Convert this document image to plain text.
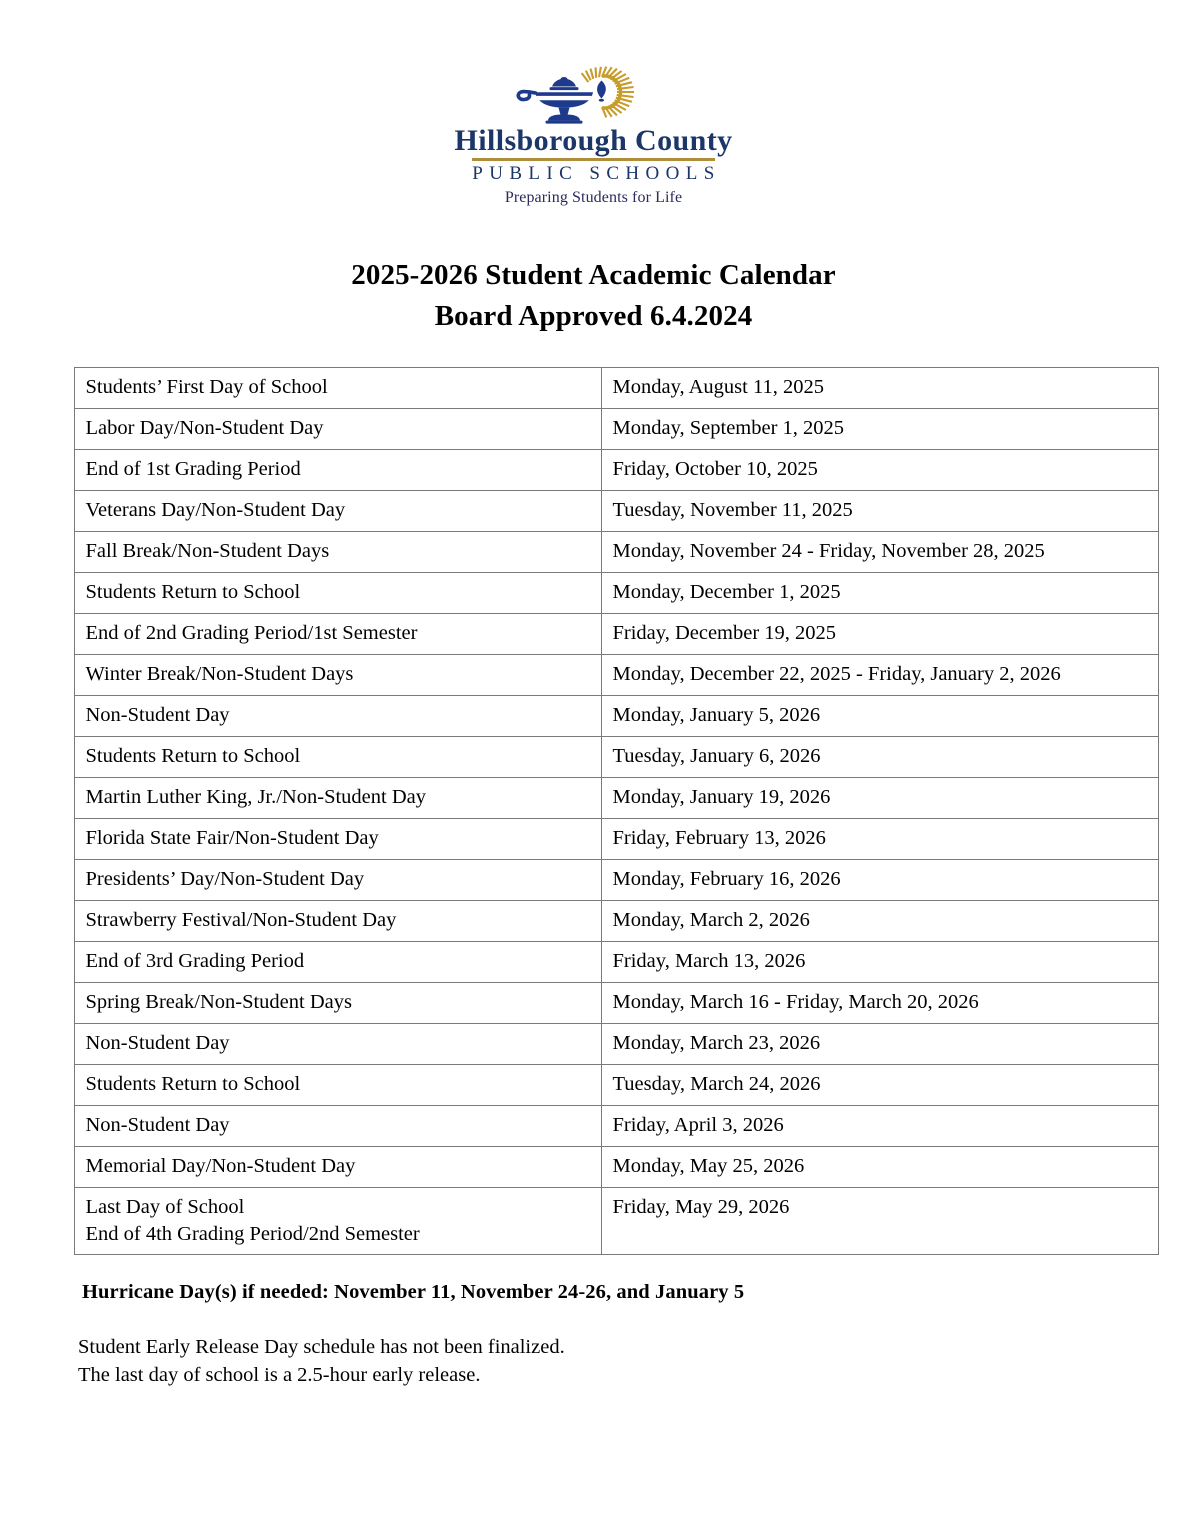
Hillsborough County
PUBLIC SCHOOLS
Preparing Students for Life
2025-2026 Student Academic Calendar
Board Approved 6.4.2024
Students’ First Day of School	Monday, August 11, 2025
Labor Day/Non-Student Day	Monday, September 1, 2025
End of 1st Grading Period	Friday, October 10, 2025
Veterans Day/Non-Student Day	Tuesday, November 11, 2025
Fall Break/Non-Student Days	Monday, November 24 - Friday, November 28, 2025
Students Return to School	Monday, December 1, 2025
End of 2nd Grading Period/1st Semester	Friday, December 19, 2025
Winter Break/Non-Student Days	Monday, December 22, 2025 - Friday, January 2, 2026
Non-Student Day	Monday, January 5, 2026
Students Return to School	Tuesday, January 6, 2026
Martin Luther King, Jr./Non-Student Day	Monday, January 19, 2026
Florida State Fair/Non-Student Day	Friday, February 13, 2026
Presidents’ Day/Non-Student Day	Monday, February 16, 2026
Strawberry Festival/Non-Student Day	Monday, March 2, 2026
End of 3rd Grading Period	Friday, March 13, 2026
Spring Break/Non-Student Days	Monday, March 16 - Friday, March 20, 2026
Non-Student Day	Monday, March 23, 2026
Students Return to School	Tuesday, March 24, 2026
Non-Student Day	Friday, April 3, 2026
Memorial Day/Non-Student Day	Monday, May 25, 2026
Last Day of School
End of 4th Grading Period/2nd Semester	Friday, May 29, 2026

Hurricane Day(s) if needed: November 11, November 24-26, and January 5

Student Early Release Day schedule has not been finalized.
The last day of school is a 2.5-hour early release.
